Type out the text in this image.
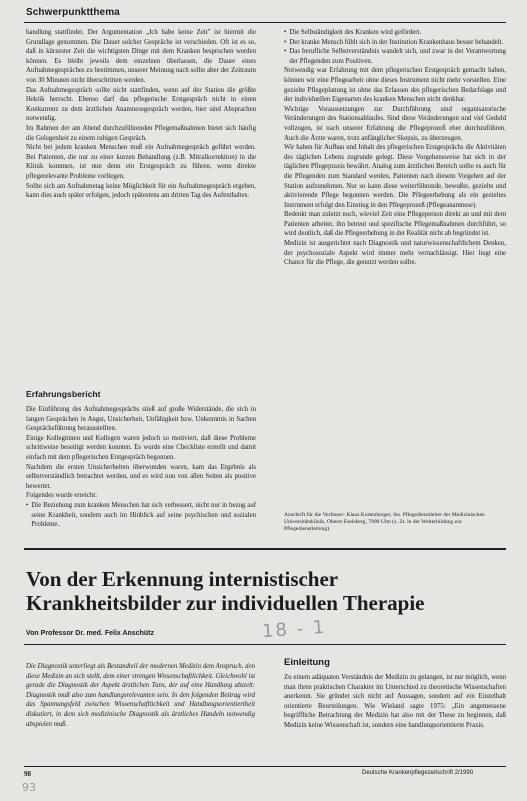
Schwerpunktthema

handlung stattfindet. Der Argumentation „Ich habe keine Zeit" ist hiermit die Grundlage genommen. Die Dauer solcher Gespräche ist verschieden. Oft ist es so, daß in kürzester Zeit die wichtigsten Dinge mit dem Kranken besprochen werden können. Es bleibt jeweils dem einzelnen überlassen, die Dauer eines Aufnahmegespräches zu bestimmen, unserer Meinung nach sollte aber der Zeitraum von 30 Minuten nicht überschritten werden.

Das Aufnahmegespräch sollte nicht stattfinden, wenn auf der Station die größte Hektik herrscht. Ebenso darf das pflegerische Erstgespräch nicht in einen Konkurrenz zu dem ärztlichen Anamnesegespräch werden, hier sind Absprachen notwendig.

Im Rahmen der am Abend durchzuführenden Pflegemaßnahmen bietet sich häufig die Gelegenheit zu einem ruhigen Gespräch.

Nicht bei jedem kranken Menschen muß ein Aufnahmegespräch geführt werden. Bei Patienten, die nur zu einer kurzen Behandlung (z.B. Mitralkorrektion) in die Klinik kommen, ist nun denn ein Erstgespräch zu führen, wenn direkte pflegerelevante Probleme vorliegen.

Sollte sich am Aufnahmetag keine Möglichkeit für ein Aufnahmegespräch ergeben, kann dies auch später erfolgen, jedoch spätestens am dritten Tag des Aufenthaltes.

Erfahrungsbericht

Die Einführung des Aufnahmegesprächs stieß auf große Widerstände, die sich in langen Gesprächen in Angst, Unsicherheit, Unfähigkeit bzw. Unkenntnis in Sachen Gesprächsführung herausstellten.

Einige Kolleginnen und Kollegen waren jedoch so motiviert, daß diese Probleme schrittweise beseitigt werden konnten. Es wurde eine Checkliste erstellt und damit einfach mit dem pflegerischen Erstgespräch begonnen.

Nachdem die ersten Unsicherheiten überwunden waren, kam das Ergebnis als selbstverständlich betrachtet werden, und es wird nun von allen Seiten als positive bewertet.

Folgendes wurde erreicht:

• Die Beziehung zum kranken Menschen hat sich verbessert, nicht nur in bezug auf seine Krankheit, sondern auch im Hinblick auf seine psychischen und sozialen Probleme.
• Die Selbständigkeit des Kranken wird gefördert.
• Der kranke Mensch fühlt sich in der Institution Krankenhaus besser behandelt.
• Das berufliche Selbstverständnis wandelt sich, und zwar in der Verantwortung der Pflegenden zum Positiven.

Notwendig war Erfahrung mit dem pflegerischen Erstgespräch gemacht haben, können wir eine Pflegearbeit ohne dieses Instrument nicht mehr vorstellen. Eine gezielte Pflegeplanung ist ohne das Erfassen des pflegerischen Bedarfslage und der individuellen Eigenarten des kranken Menschen nicht denkbar.

Wichtige Voraussetzungen zur Durchführung sind organisatorische Veränderungen des Stationsablaufes. Sind diese Veränderungen und viel Geduld vollzogen, ist nach unserer Erfahrung die Pflegeprozeß eher durchzuführen. Auch die Ärzte waren, trotz anfänglicher Skepsis, zu überzeugen.

Wir haben für Aufbau und Inhalt des pflegerischen Erstgesprächs die Aktivitäten des täglichen Lebens zugrunde gelegt. Diese Vorgehensweise hat sich in der täglichen Pflegepraxis bewährt. Analog zum ärztlichen Bereich sollte es auch für die Pflegenden zum Standard werden, Patienten nach diesem Vorgehen auf der Station aufzunehmen. Nur so kann diese weiterführende, bewußte, gezielte und aktivierende Pflege begonnen werden. Die Pflegeerhebung als ein gezieltes Instrument erfolgt den Einstieg in den Pflegeprozeß (Pflegeanamnese).

Bedenkt man zuletzt noch, wieviel Zeit eine Pflegeperson direkt an und mit dem Patienten arbeitet, ihn betreut und spezifische Pflegemaßnahmen durchführt, so wird deutlich, daß die Pflegeerhebung in der Realität nicht ab begründet ist.

Medizin ist ausgerichtet nach Diagnostik und naturwissenschaftlichem Denken, der psychosoziale Aspekt wird immer mehr vernachlässigt. Hier liegt eine Chance für die Pflege, die genutzt werden sollte.

Anschrift für die Verfasser: Klaus Kortenberger, Sts. Pflegedienstleiter der Medizinischen Universitätsklinik, Oberer Eselsberg, 7900 Ulm (z. Zt. in der Weiterbildung zur Pflegedienstleitung).
Von der Erkennung internistischer
Krankheitsbilder zur individuellen Therapie
Von Professor Dr. med. Felix Anschütz	18 - 1
Die Diagnostik unterliegt als Bestandteil der modernen Medizin dem Anspruch, den diese Medizin an sich stellt, dem einer strengen Wissenschaftlichkeit. Gleichwohl ist gerade die Diagnostik der Aspekt ärztlichen Tuns, der auf eine Handlung abzielt: Diagnostik muß also zum handlungsrelevanten sein. In den folgenden Beitrag wird das Spannungsfeld zwischen Wissenschaftlichkeit und Handlungsorientiertheit diskutiert, in dem sich medizinische Diagnostik als ärztliches Handeln notwendig abspielen muß.
Einleitung
Zu einem adäquaten Verständnis der Medizin zu gelangen, ist nur möglich, wenn man ihren praktischen Charakter im Unterschied zu theoretische Wissenschaften anerkennt. Sie gründet sich nicht auf Aussagen, sondern auf ein Einzelhalt orientierte Beurteilungen. Wie Wieland sagte 1975: „Ein angemessene begriffliche Betrachtung der Medizin hat also mit der These zu beginnen, daß Medizin keine Wissenschaft ist, sondern eine handlungsorientierte Praxis.
98
93
Deutsche Krankenpflegezeitschrift 2/1990
